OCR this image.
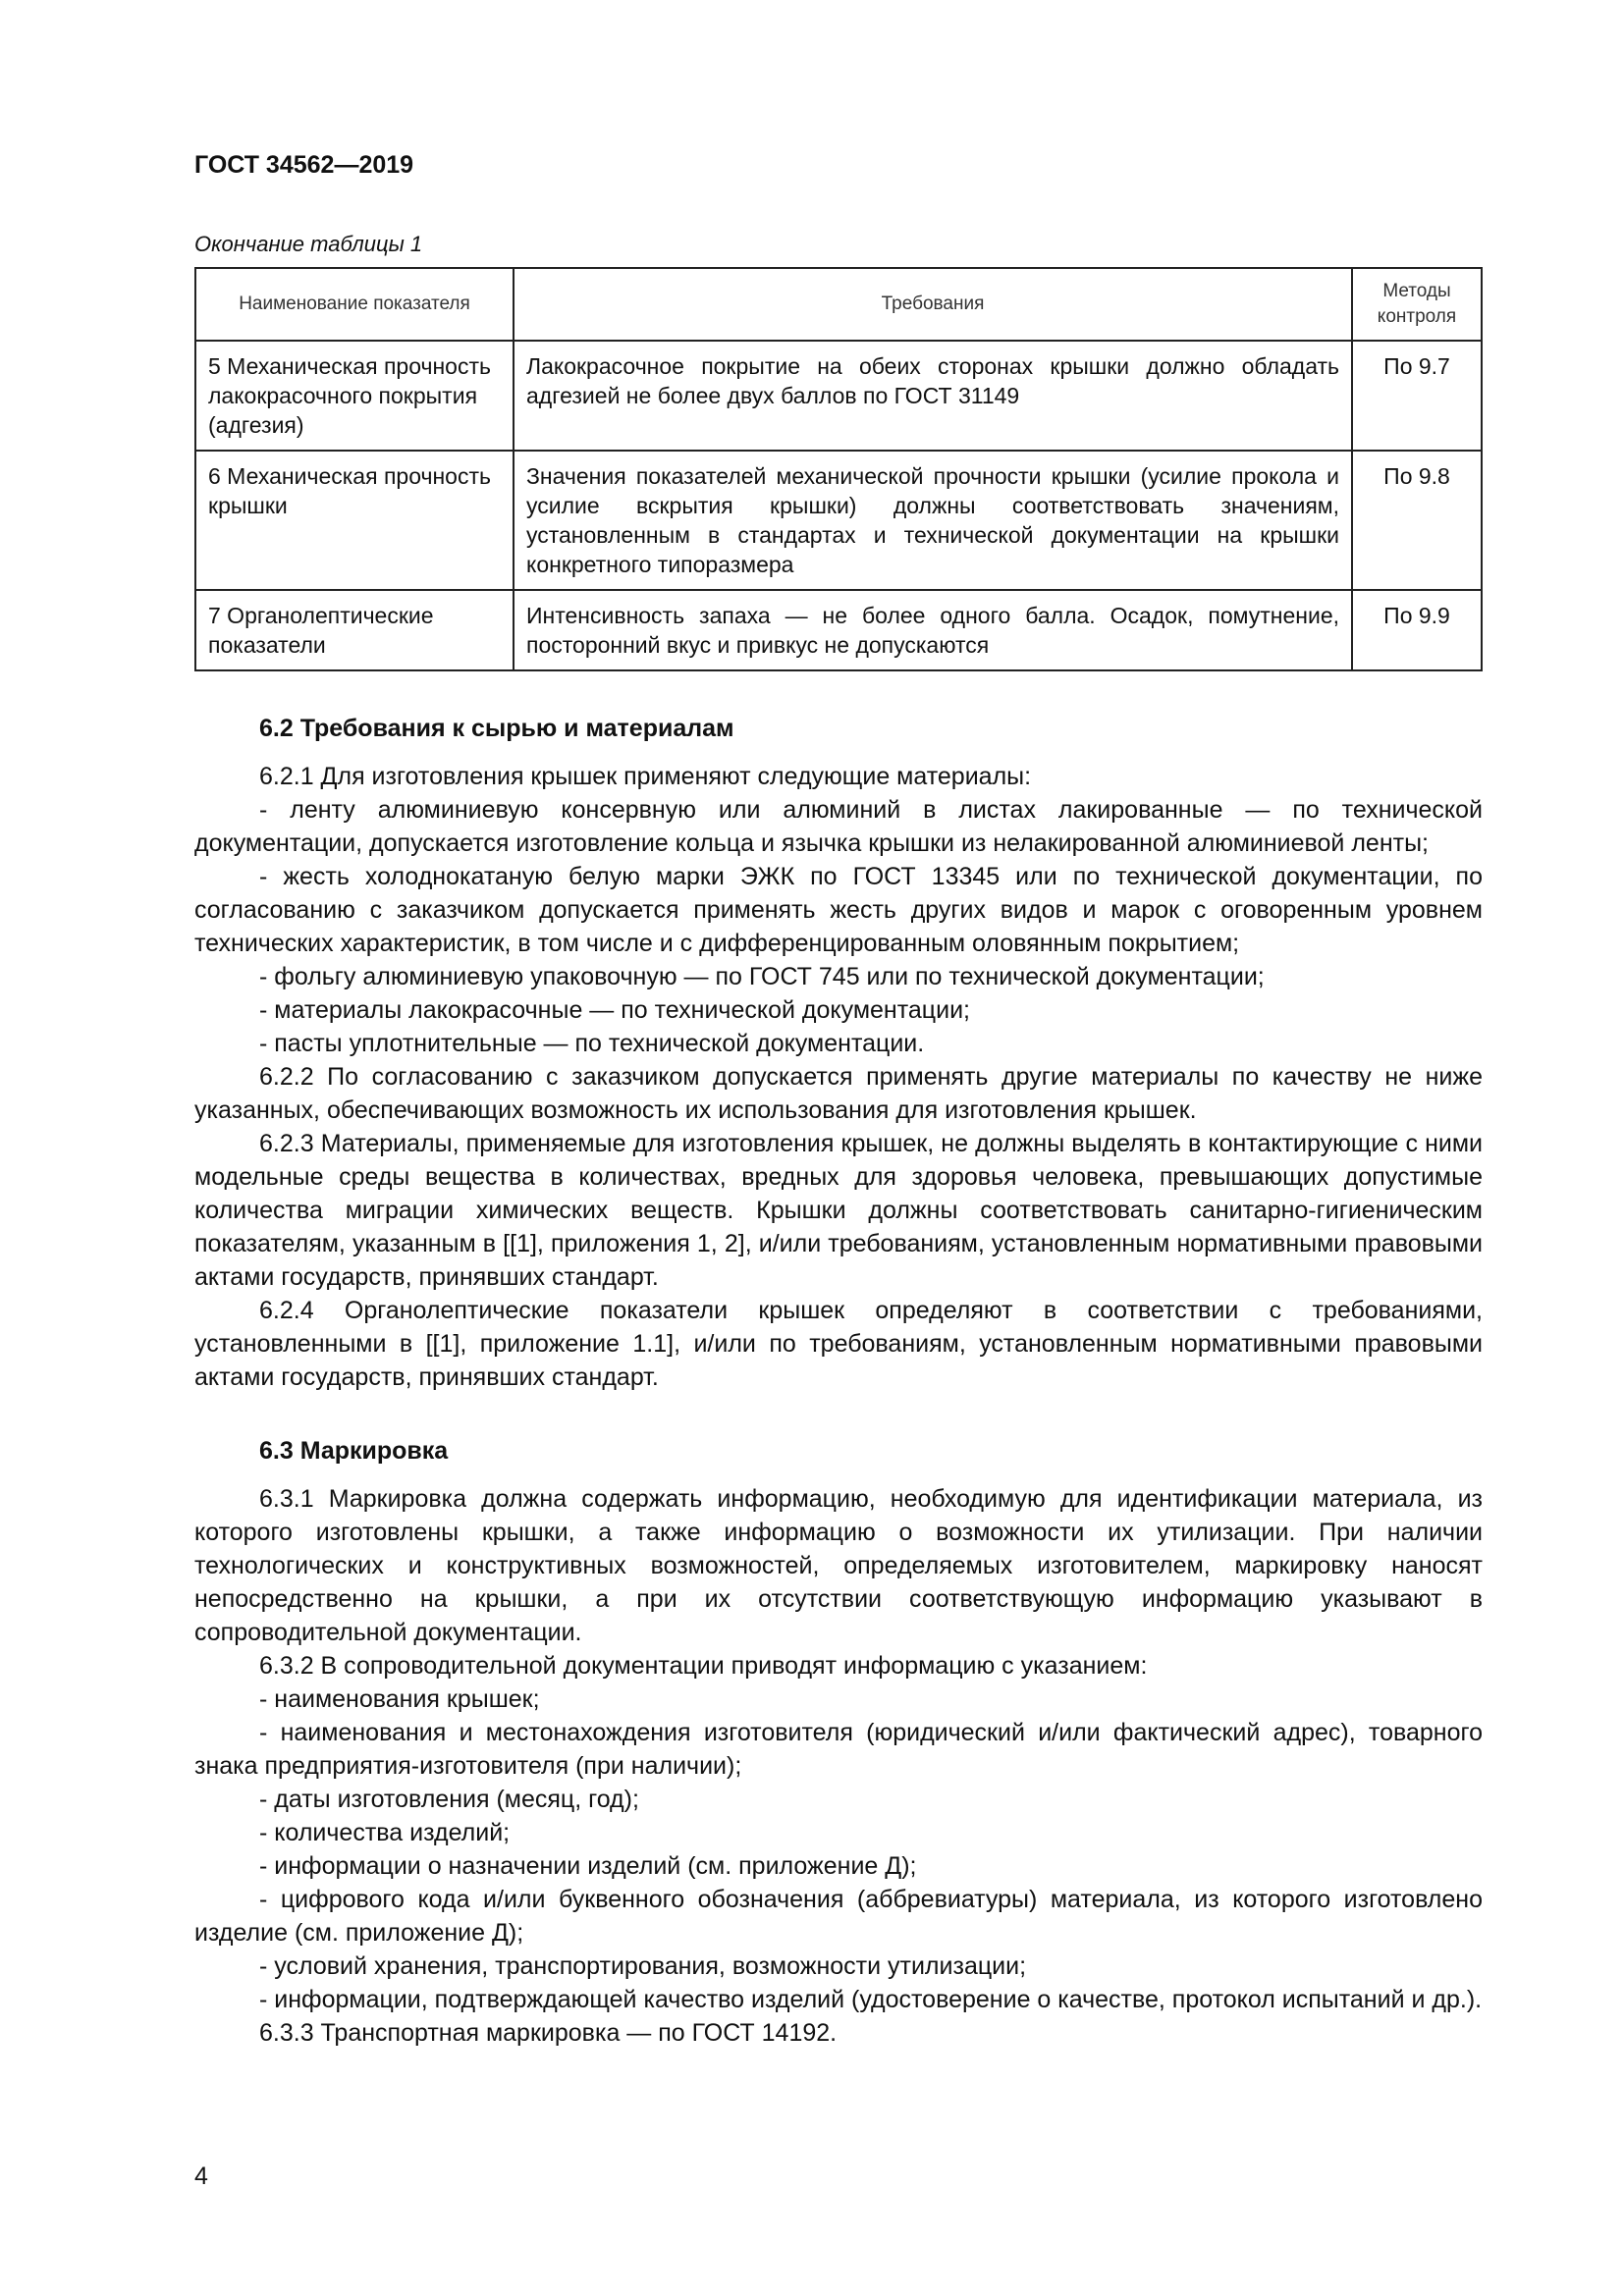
ГОСТ 34562—2019
Окончание таблицы 1
Наименование показателя	Требования	Методы контроля
5 Механическая прочность лакокрасочного покрытия (адгезия)	Лакокрасочное покрытие на обеих сторонах крышки должно обладать адгезией не более двух баллов по ГОСТ 31149	По 9.7
6 Механическая прочность крышки	Значения показателей механической прочности крышки (усилие прокола и усилие вскрытия крышки) должны соответствовать значениям, установленным в стандартах и технической документации на крышки конкретного типоразмера	По 9.8
7 Органолептические показатели	Интенсивность запаха — не более одного балла. Осадок, помутнение, посторонний вкус и привкус не допускаются	По 9.9
6.2 Требования к сырью и материалам

6.2.1 Для изготовления крышек применяют следующие материалы:

- ленту алюминиевую консервную или алюминий в листах лакированные — по технической документации, допускается изготовление кольца и язычка крышки из нелакированной алюминиевой ленты;

- жесть холоднокатаную белую марки ЭЖК по ГОСТ 13345 или по технической документации, по согласованию с заказчиком допускается применять жесть других видов и марок с оговоренным уровнем технических характеристик, в том числе и с дифференцированным оловянным покрытием;

- фольгу алюминиевую упаковочную — по ГОСТ 745 или по технической документации;

- материалы лакокрасочные — по технической документации;

- пасты уплотнительные — по технической документации.

6.2.2 По согласованию с заказчиком допускается применять другие материалы по качеству не ниже указанных, обеспечивающих возможность их использования для изготовления крышек.

6.2.3 Материалы, применяемые для изготовления крышек, не должны выделять в контактирующие с ними модельные среды вещества в количествах, вредных для здоровья человека, превышающих допустимые количества миграции химических веществ. Крышки должны соответствовать санитарно-гигиеническим показателям, указанным в [[1], приложения 1, 2], и/или требованиям, установленным нормативными правовыми актами государств, принявших стандарт.

6.2.4 Органолептические показатели крышек определяют в соответствии с требованиями, установленными в [[1], приложение 1.1], и/или по требованиям, установленным нормативными правовыми актами государств, принявших стандарт.

6.3 Маркировка

6.3.1 Маркировка должна содержать информацию, необходимую для идентификации материала, из которого изготовлены крышки, а также информацию о возможности их утилизации. При наличии технологических и конструктивных возможностей, определяемых изготовителем, маркировку наносят непосредственно на крышки, а при их отсутствии соответствующую информацию указывают в сопроводительной документации.

6.3.2 В сопроводительной документации приводят информацию с указанием:

- наименования крышек;

- наименования и местонахождения изготовителя (юридический и/или фактический адрес), товарного знака предприятия-изготовителя (при наличии);

- даты изготовления (месяц, год);

- количества изделий;

- информации о назначении изделий (см. приложение Д);

- цифрового кода и/или буквенного обозначения (аббревиатуры) материала, из которого изготовлено изделие (см. приложение Д);

- условий хранения, транспортирования, возможности утилизации;

- информации, подтверждающей качество изделий (удостоверение о качестве, протокол испытаний и др.).

6.3.3 Транспортная маркировка — по ГОСТ 14192.

4
